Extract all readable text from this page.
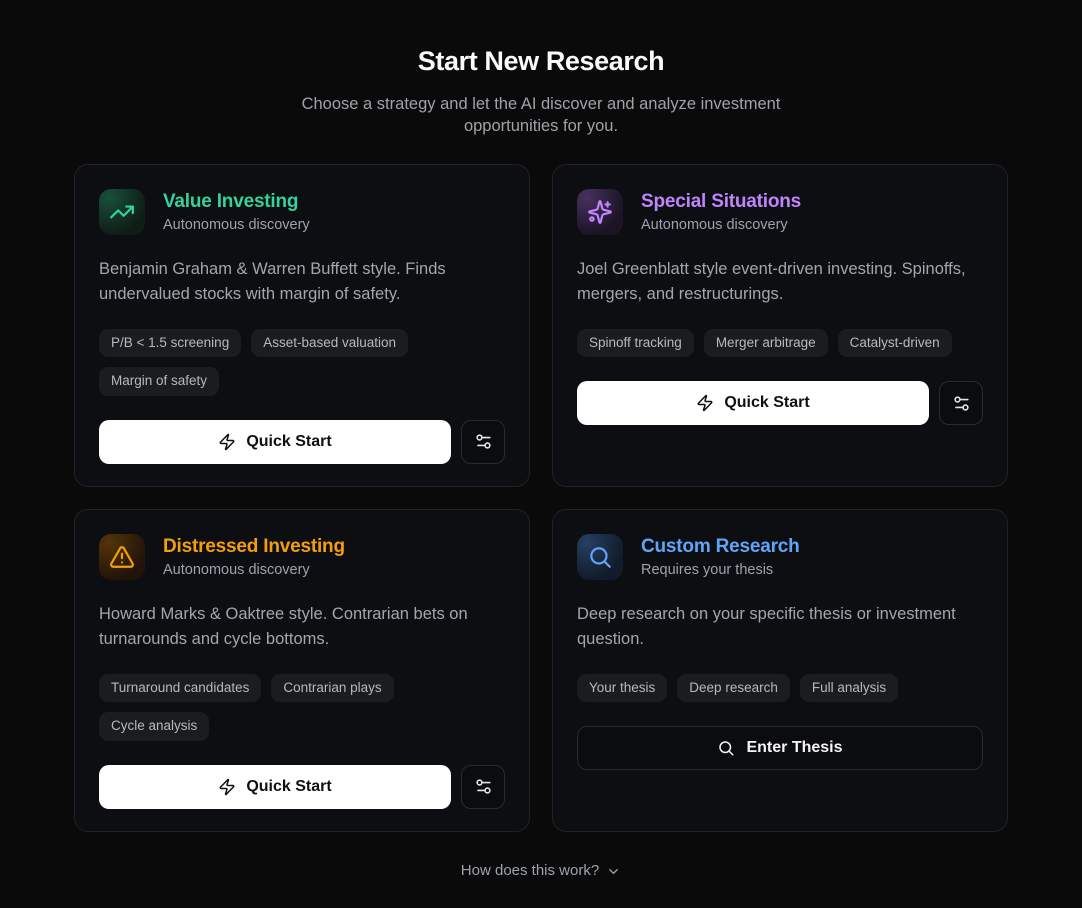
Start New Research

Choose a strategy and let the AI discover and analyze investment opportunities for you.

Value Investing
Autonomous discovery

Benjamin Graham & Warren Buffett style. Finds undervalued stocks with margin of safety.

P/B < 1.5 screening	Asset-based valuation
Margin of safety
Quick Start
Special Situations
Autonomous discovery

Joel Greenblatt style event-driven investing. Spinoffs, mergers, and restructurings.

Spinoff tracking	Merger arbitrage	Catalyst-driven
Quick Start
Distressed Investing
Autonomous discovery

Howard Marks & Oaktree style. Contrarian bets on turnarounds and cycle bottoms.

Turnaround candidates	Contrarian plays
Cycle analysis
Quick Start
Custom Research
Requires your thesis

Deep research on your specific thesis or investment question.

Your thesis	Deep research	Full analysis
Enter Thesis
How does this work?
